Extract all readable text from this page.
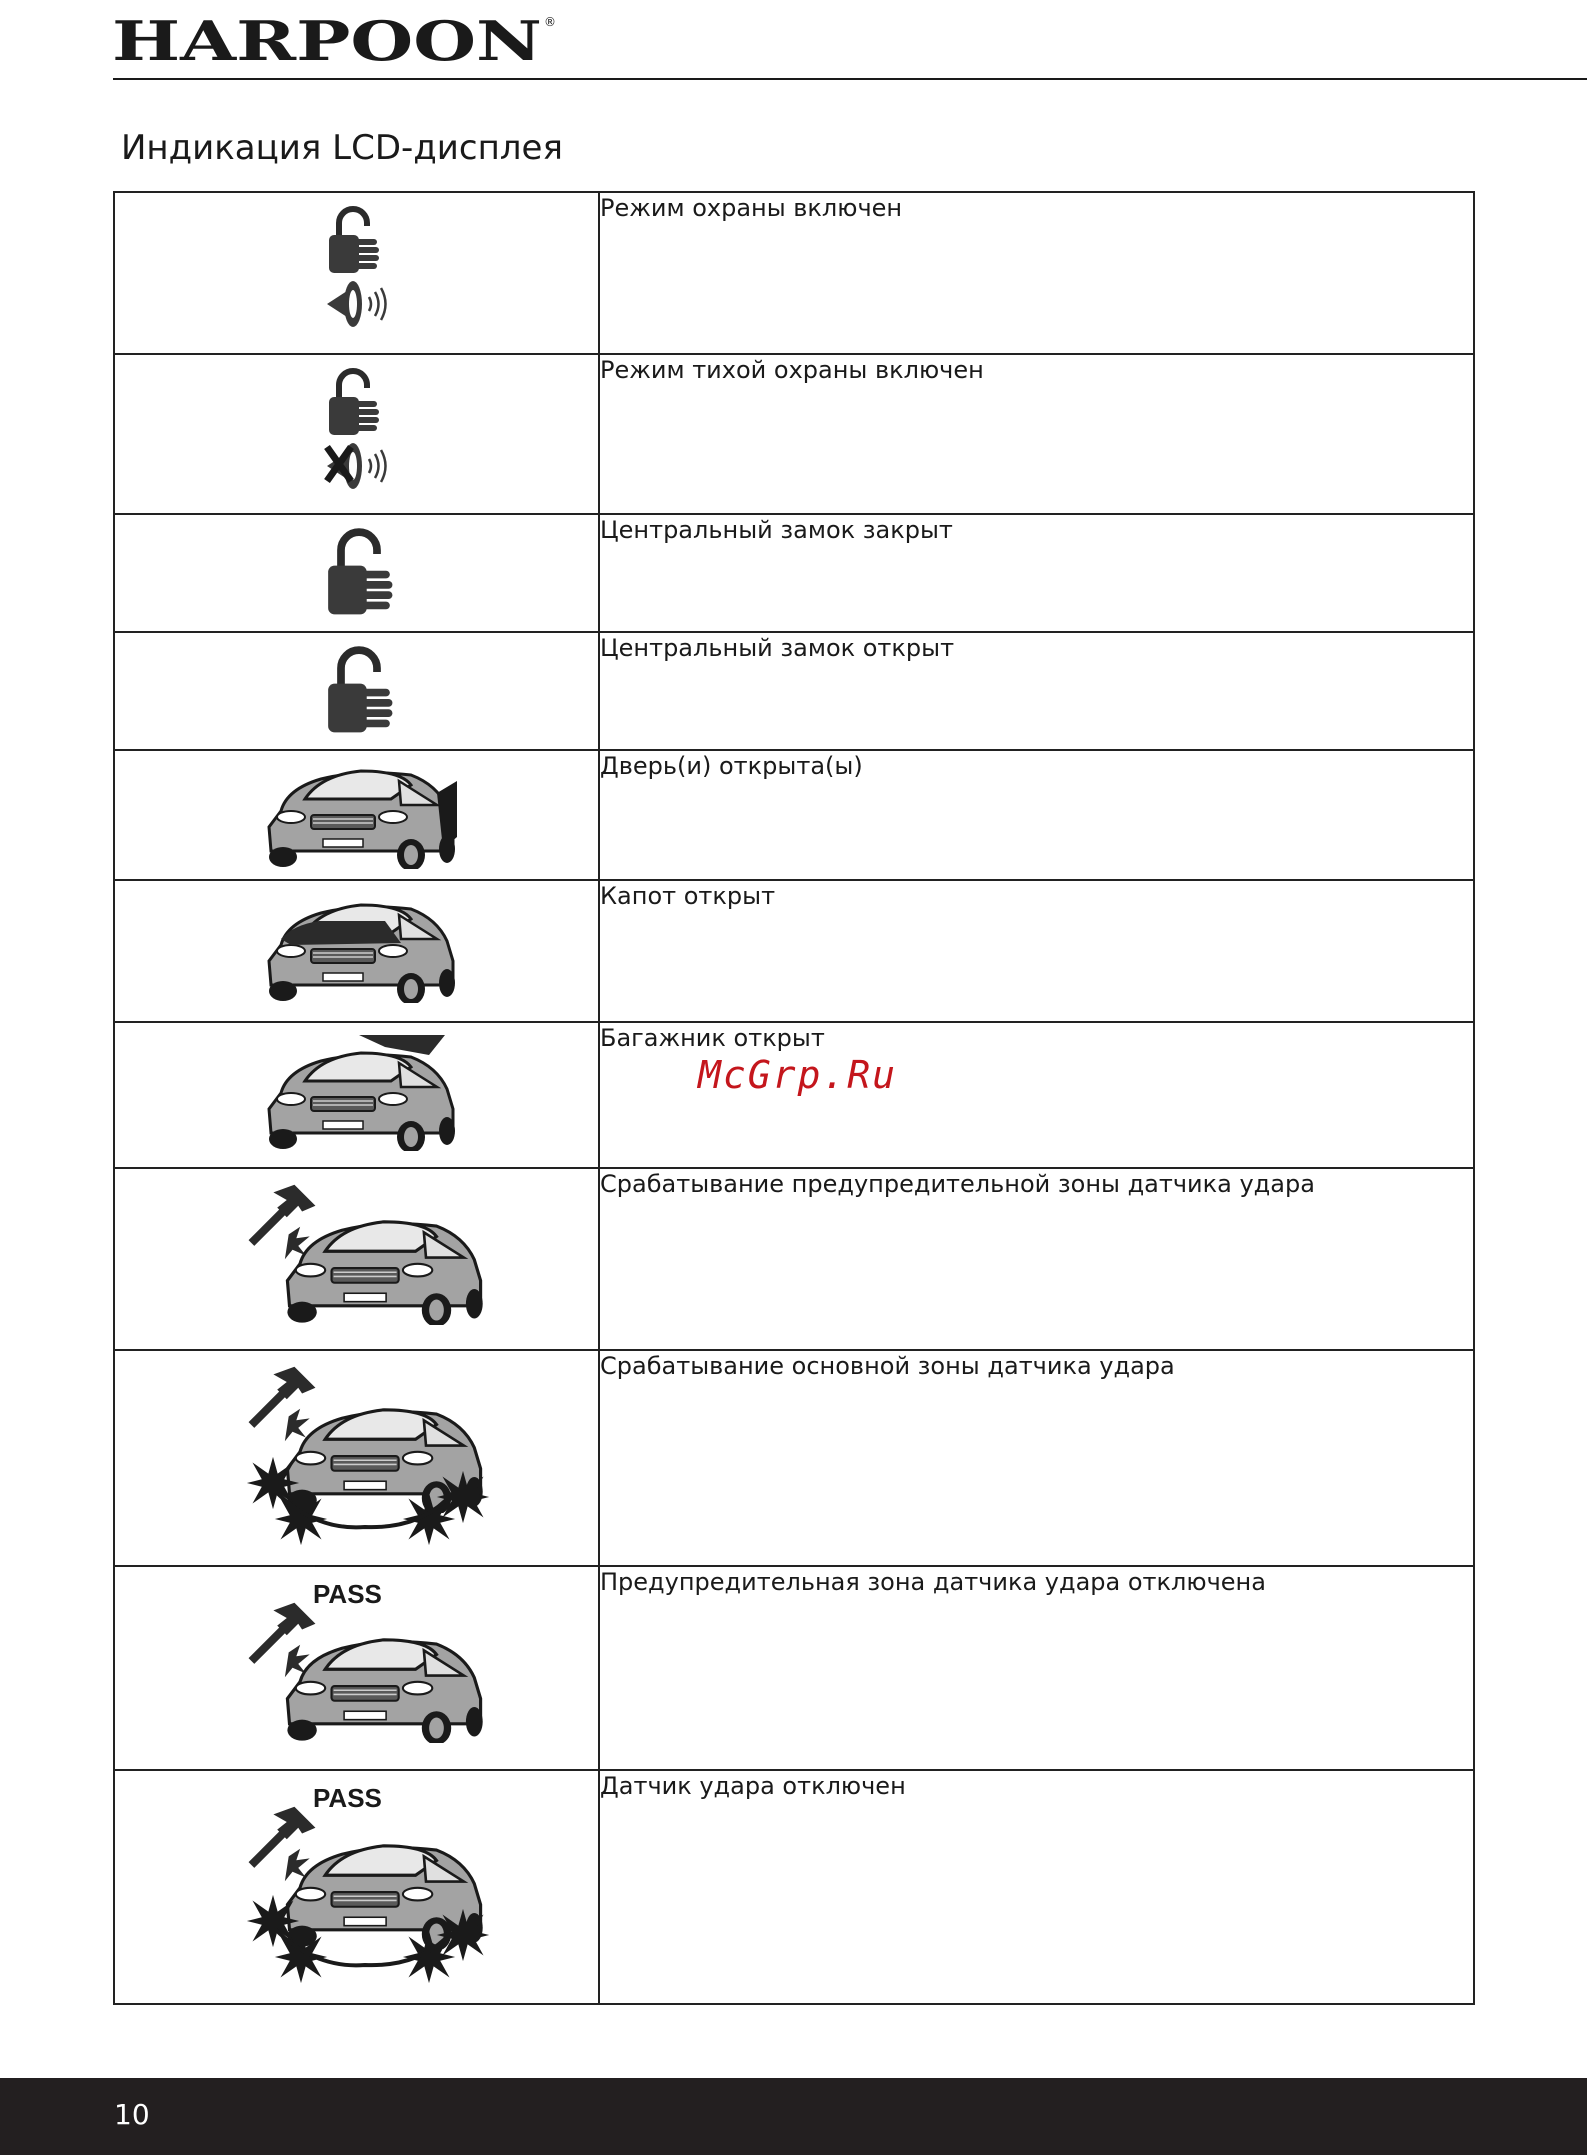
HARPOON ®
Индикация LCD-дисплея
	Режим охраны включен
	Режим тихой охраны включен
	Центральный замок закрыт
	Центральный замок открыт
	Дверь(и) открыта(ы)
	Капот открыт
	Багажник открыт
	Срабатывание предупредительной зоны датчика удара
	Срабатывание основной зоны датчика удара

PASS	Предупредительная зона датчика удара отключена

PASS	Датчик удара отключен
McGrp.Ru
10
